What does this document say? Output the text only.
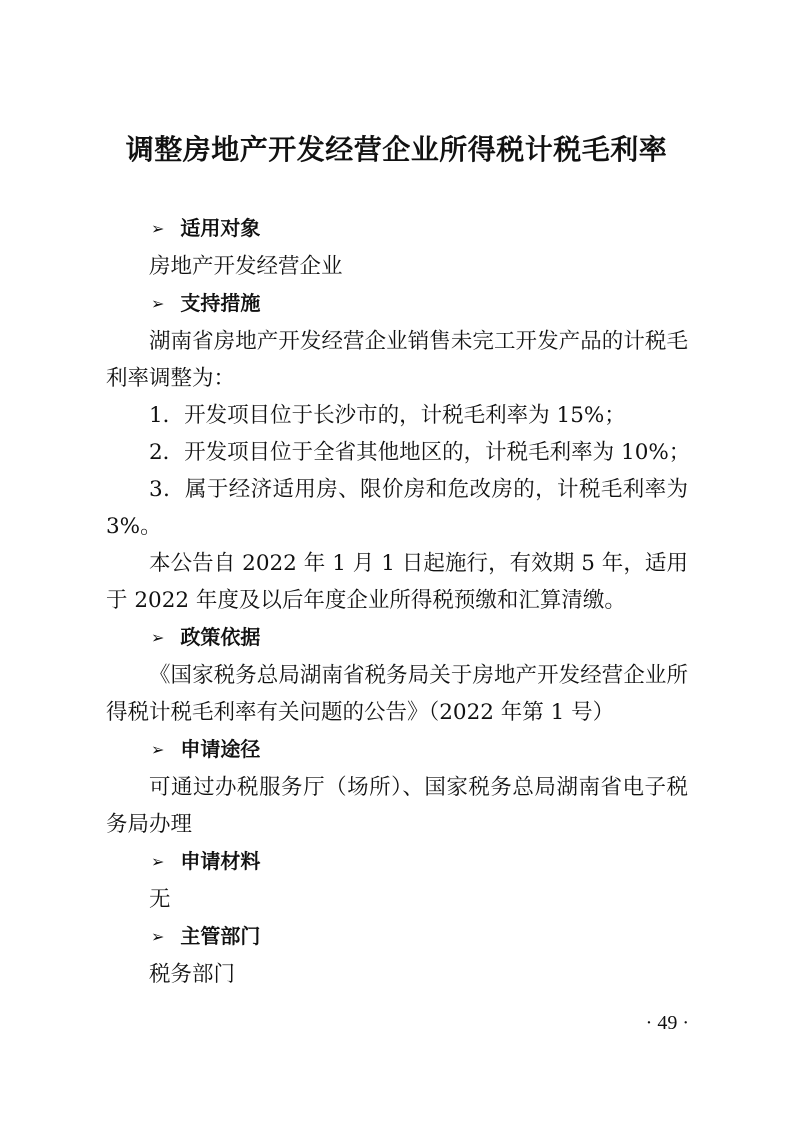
调整房地产开发经营企业所得税计税毛利率
➢ 适用对象
房地产开发经营企业
➢ 支持措施
湖南省房地产开发经营企业销售未完工开发产品的计税毛利率调整为：
1．开发项目位于长沙市的，计税毛利率为 15%；
2．开发项目位于全省其他地区的，计税毛利率为 10%；
3．属于经济适用房、限价房和危改房的，计税毛利率为 3%。
本公告自 2022 年 1 月 1 日起施行，有效期 5 年，适用于 2022 年度及以后年度企业所得税预缴和汇算清缴。
➢ 政策依据
《国家税务总局湖南省税务局关于房地产开发经营企业所得税计税毛利率有关问题的公告》（2022 年第 1 号）
➢ 申请途径
可通过办税服务厅（场所）、国家税务总局湖南省电子税务局办理
➢ 申请材料
无
➢ 主管部门
税务部门
· 49 ·
